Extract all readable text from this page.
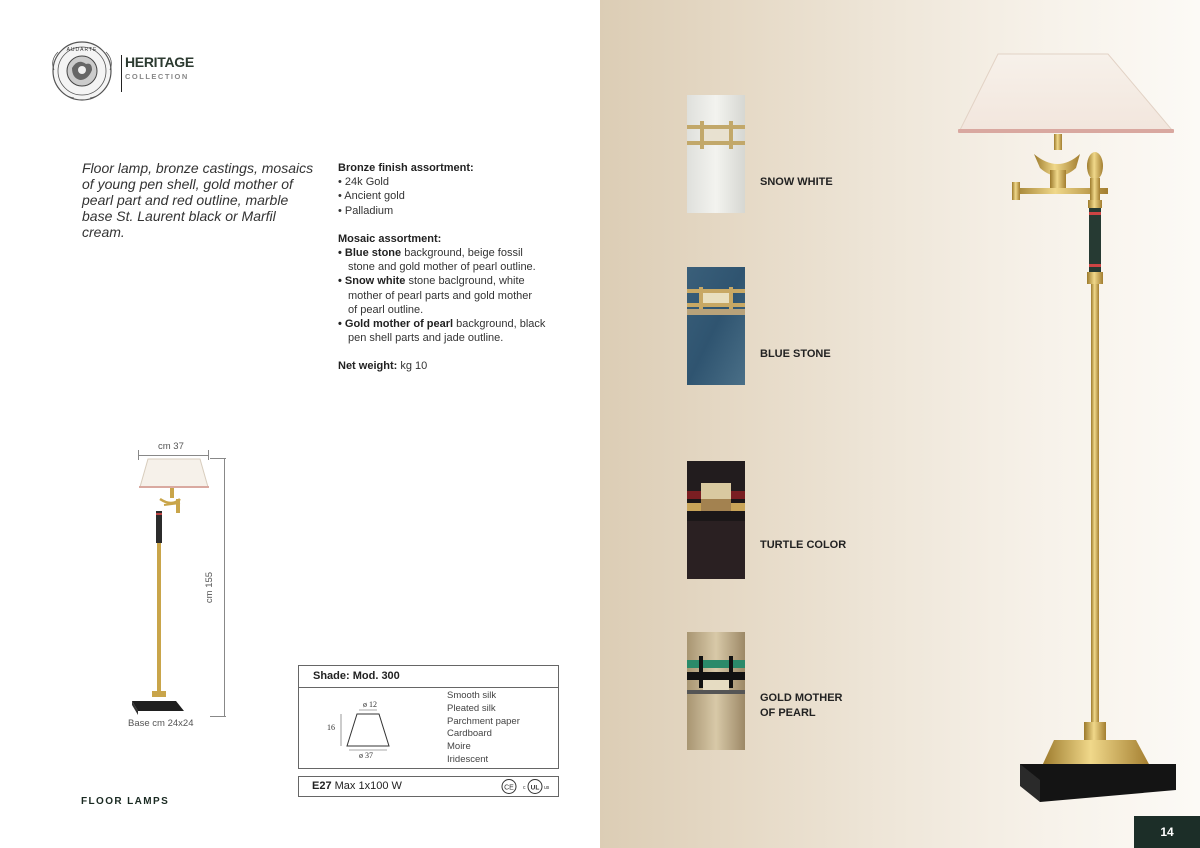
AUDARTE
HERITAGE
COLLECTION
Floor lamp, bronze castings, mosaics of young pen shell, gold mother of pearl part and red outline, marble base St. Laurent black or Marfil cream.
Bronze finish assortment:
• 24k Gold
• Ancient gold
• Palladium
Mosaic assortment:
• Blue stone background, beige fossil
stone and gold mother of pearl outline.
• Snow white stone baclground, white
mother of pearl parts and gold mother
of pearl outline.
• Gold mother of pearl background, black
pen shell parts and jade outline.
Net weight: kg 10
cm 37
cm 155
Base cm 24x24
Shade: Mod. 300
ø 12
16
ø 37
Smooth silk
Pleated silk
Parchment paper
Cardboard
Moire
Iridescent
E27 Max 1x100 W	CE	UL
c	us
FLOOR LAMPS
SNOW WHITE
BLUE STONE
TURTLE COLOR
GOLD MOTHER
OF PEARL
14
